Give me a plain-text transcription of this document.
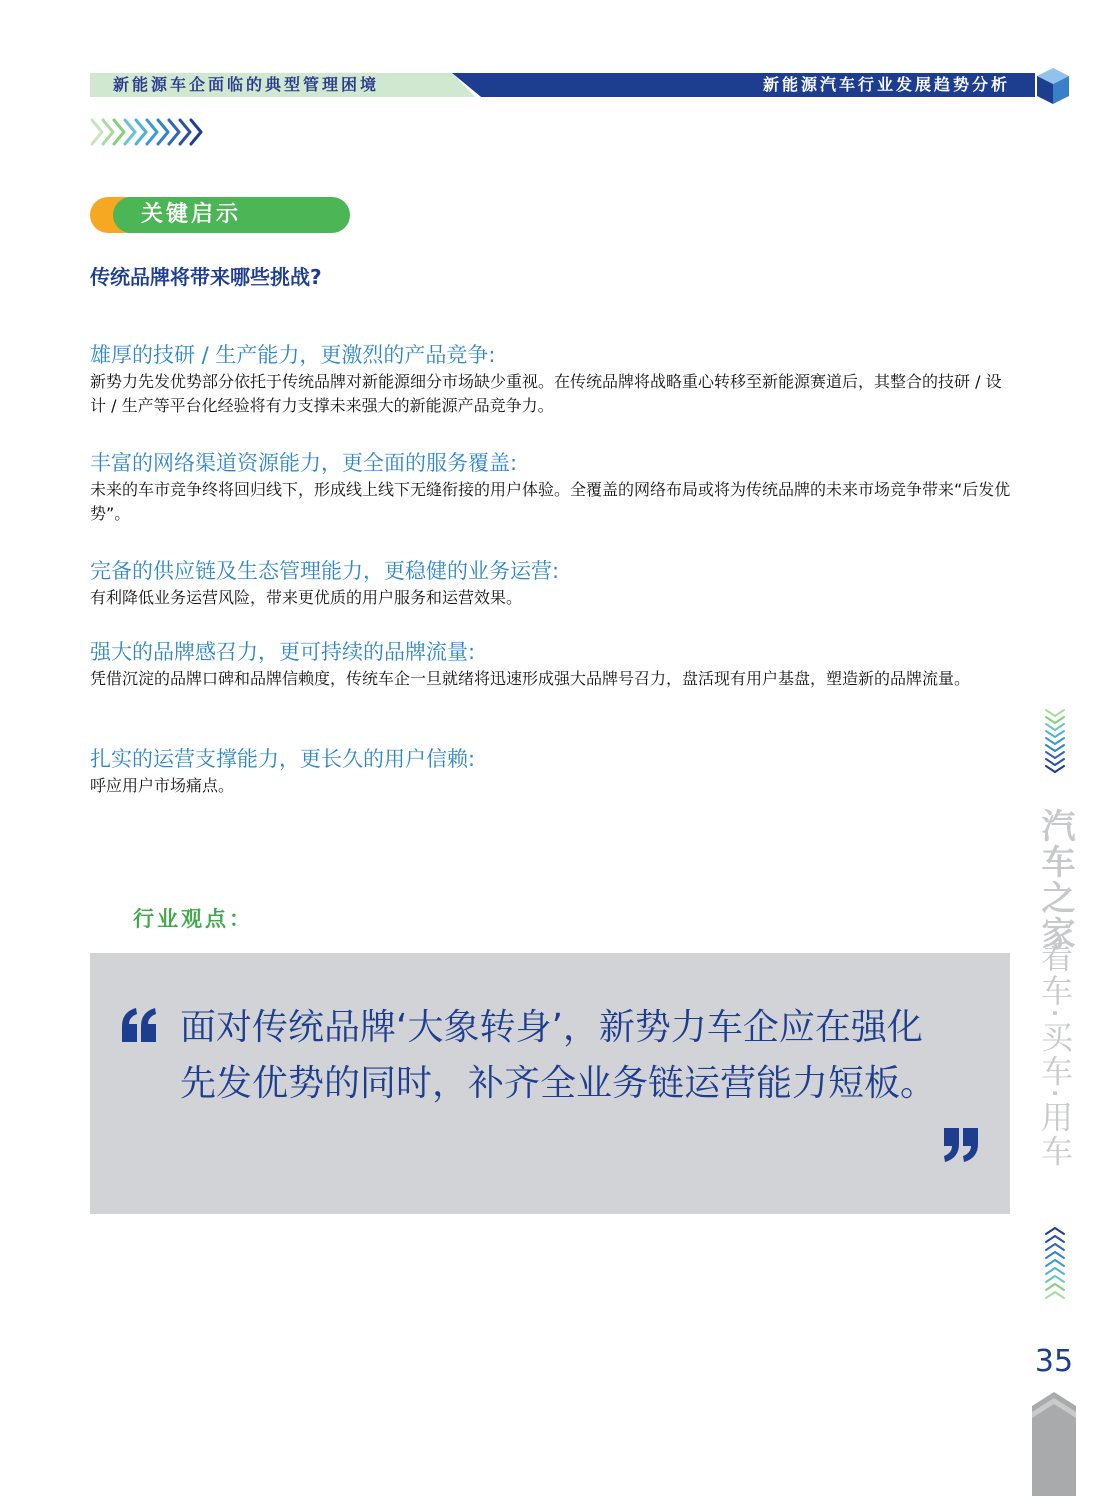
新能源车企面临的典型管理困境	新能源汽车行业发展趋势分析
关键启示

传统品牌将带来哪些挑战?

雄厚的技研 / 生产能力，更激烈的产品竞争:

新势力先发优势部分依托于传统品牌对新能源细分市场缺少重视。在传统品牌将战略重心转移至新能源赛道后，其整合的技研 / 设计 / 生产等平台化经验将有力支撑未来强大的新能源产品竞争力。

丰富的网络渠道资源能力，更全面的服务覆盖:

未来的车市竞争终将回归线下，形成线上线下无缝衔接的用户体验。全覆盖的网络布局或将为传统品牌的未来市场竞争带来“后发优势”。

完备的供应链及生态管理能力，更稳健的业务运营:

有利降低业务运营风险，带来更优质的用户服务和运营效果。

强大的品牌感召力，更可持续的品牌流量:

凭借沉淀的品牌口碑和品牌信赖度，传统车企一旦就绪将迅速形成强大品牌号召力，盘活现有用户基盘，塑造新的品牌流量。

扎实的运营支撑能力，更长久的用户信赖:

呼应用户市场痛点。

行业观点：

面对传统品牌‘大象转身’，新势力车企应在强化先发优势的同时，补齐全业务链运营能力短板。

汽车之家
看车·买车·用车
35
